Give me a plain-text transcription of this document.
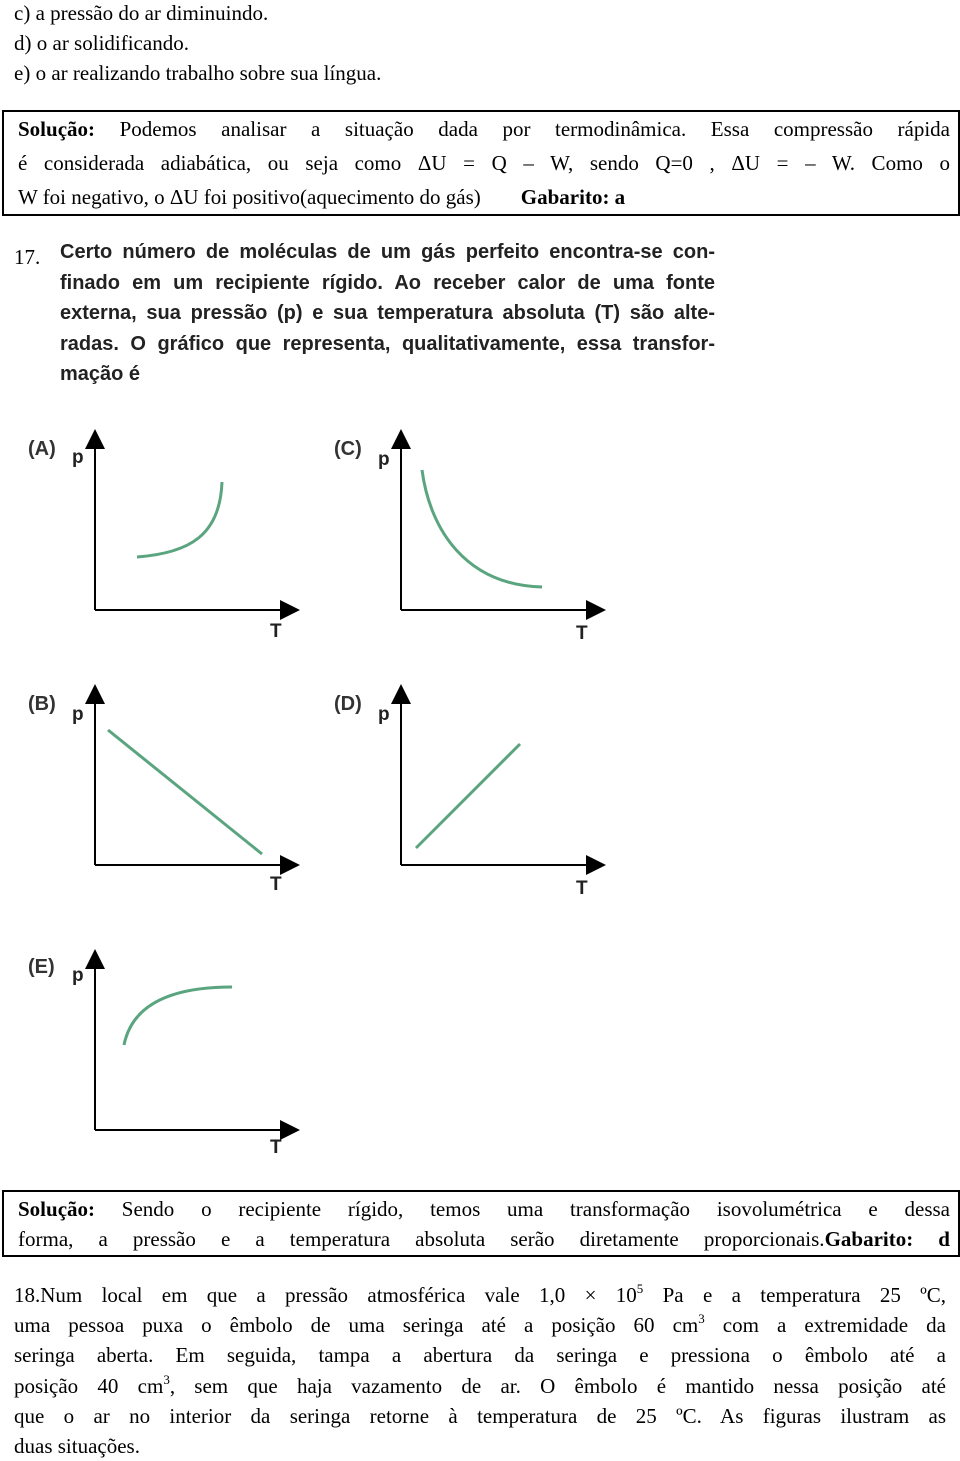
c) a pressão do ar diminuindo.
d) o ar solidificando.
e) o ar realizando trabalho sobre sua língua.
Solução: Podemos analisar a situação dada por termodinâmica. Essa compressão rápida
é considerada adiabática, ou seja como ΔU = Q – W, sendo Q=0 , ΔU = – W. Como o
W foi negativo, o ΔU foi positivo(aquecimento do gás) Gabarito: a
17. Certo número de moléculas de um gás perfeito encontra-se con-
finado em um recipiente rígido. Ao receber calor de uma fonte
externa, sua pressão (p) e sua temperatura absoluta (T) são alte-
radas. O gráfico que representa, qualitativamente, essa transfor-
mação é
(A) p
T
(C) p
T
(B) p
T
(D) p
T
(E) p
T
Solução: Sendo o recipiente rígido, temos uma transformação isovolumétrica e dessa
forma, a pressão e a temperatura absoluta serão diretamente proporcionais.Gabarito: d
18.Num local em que a pressão atmosférica vale $1,0 \times 10^5$ Pa e a temperatura 25 ºC,
uma pessoa puxa o êmbolo de uma seringa até a posição 60 $cm^3$ com a extremidade da
seringa aberta. Em seguida, tampa a abertura da seringa e pressiona o êmbolo até a
posição 40 $cm^3$, sem que haja vazamento de ar. O êmbolo é mantido nessa posição até
que o ar no interior da seringa retorne à temperatura de 25 ºC. As figuras ilustram as
duas situações.
